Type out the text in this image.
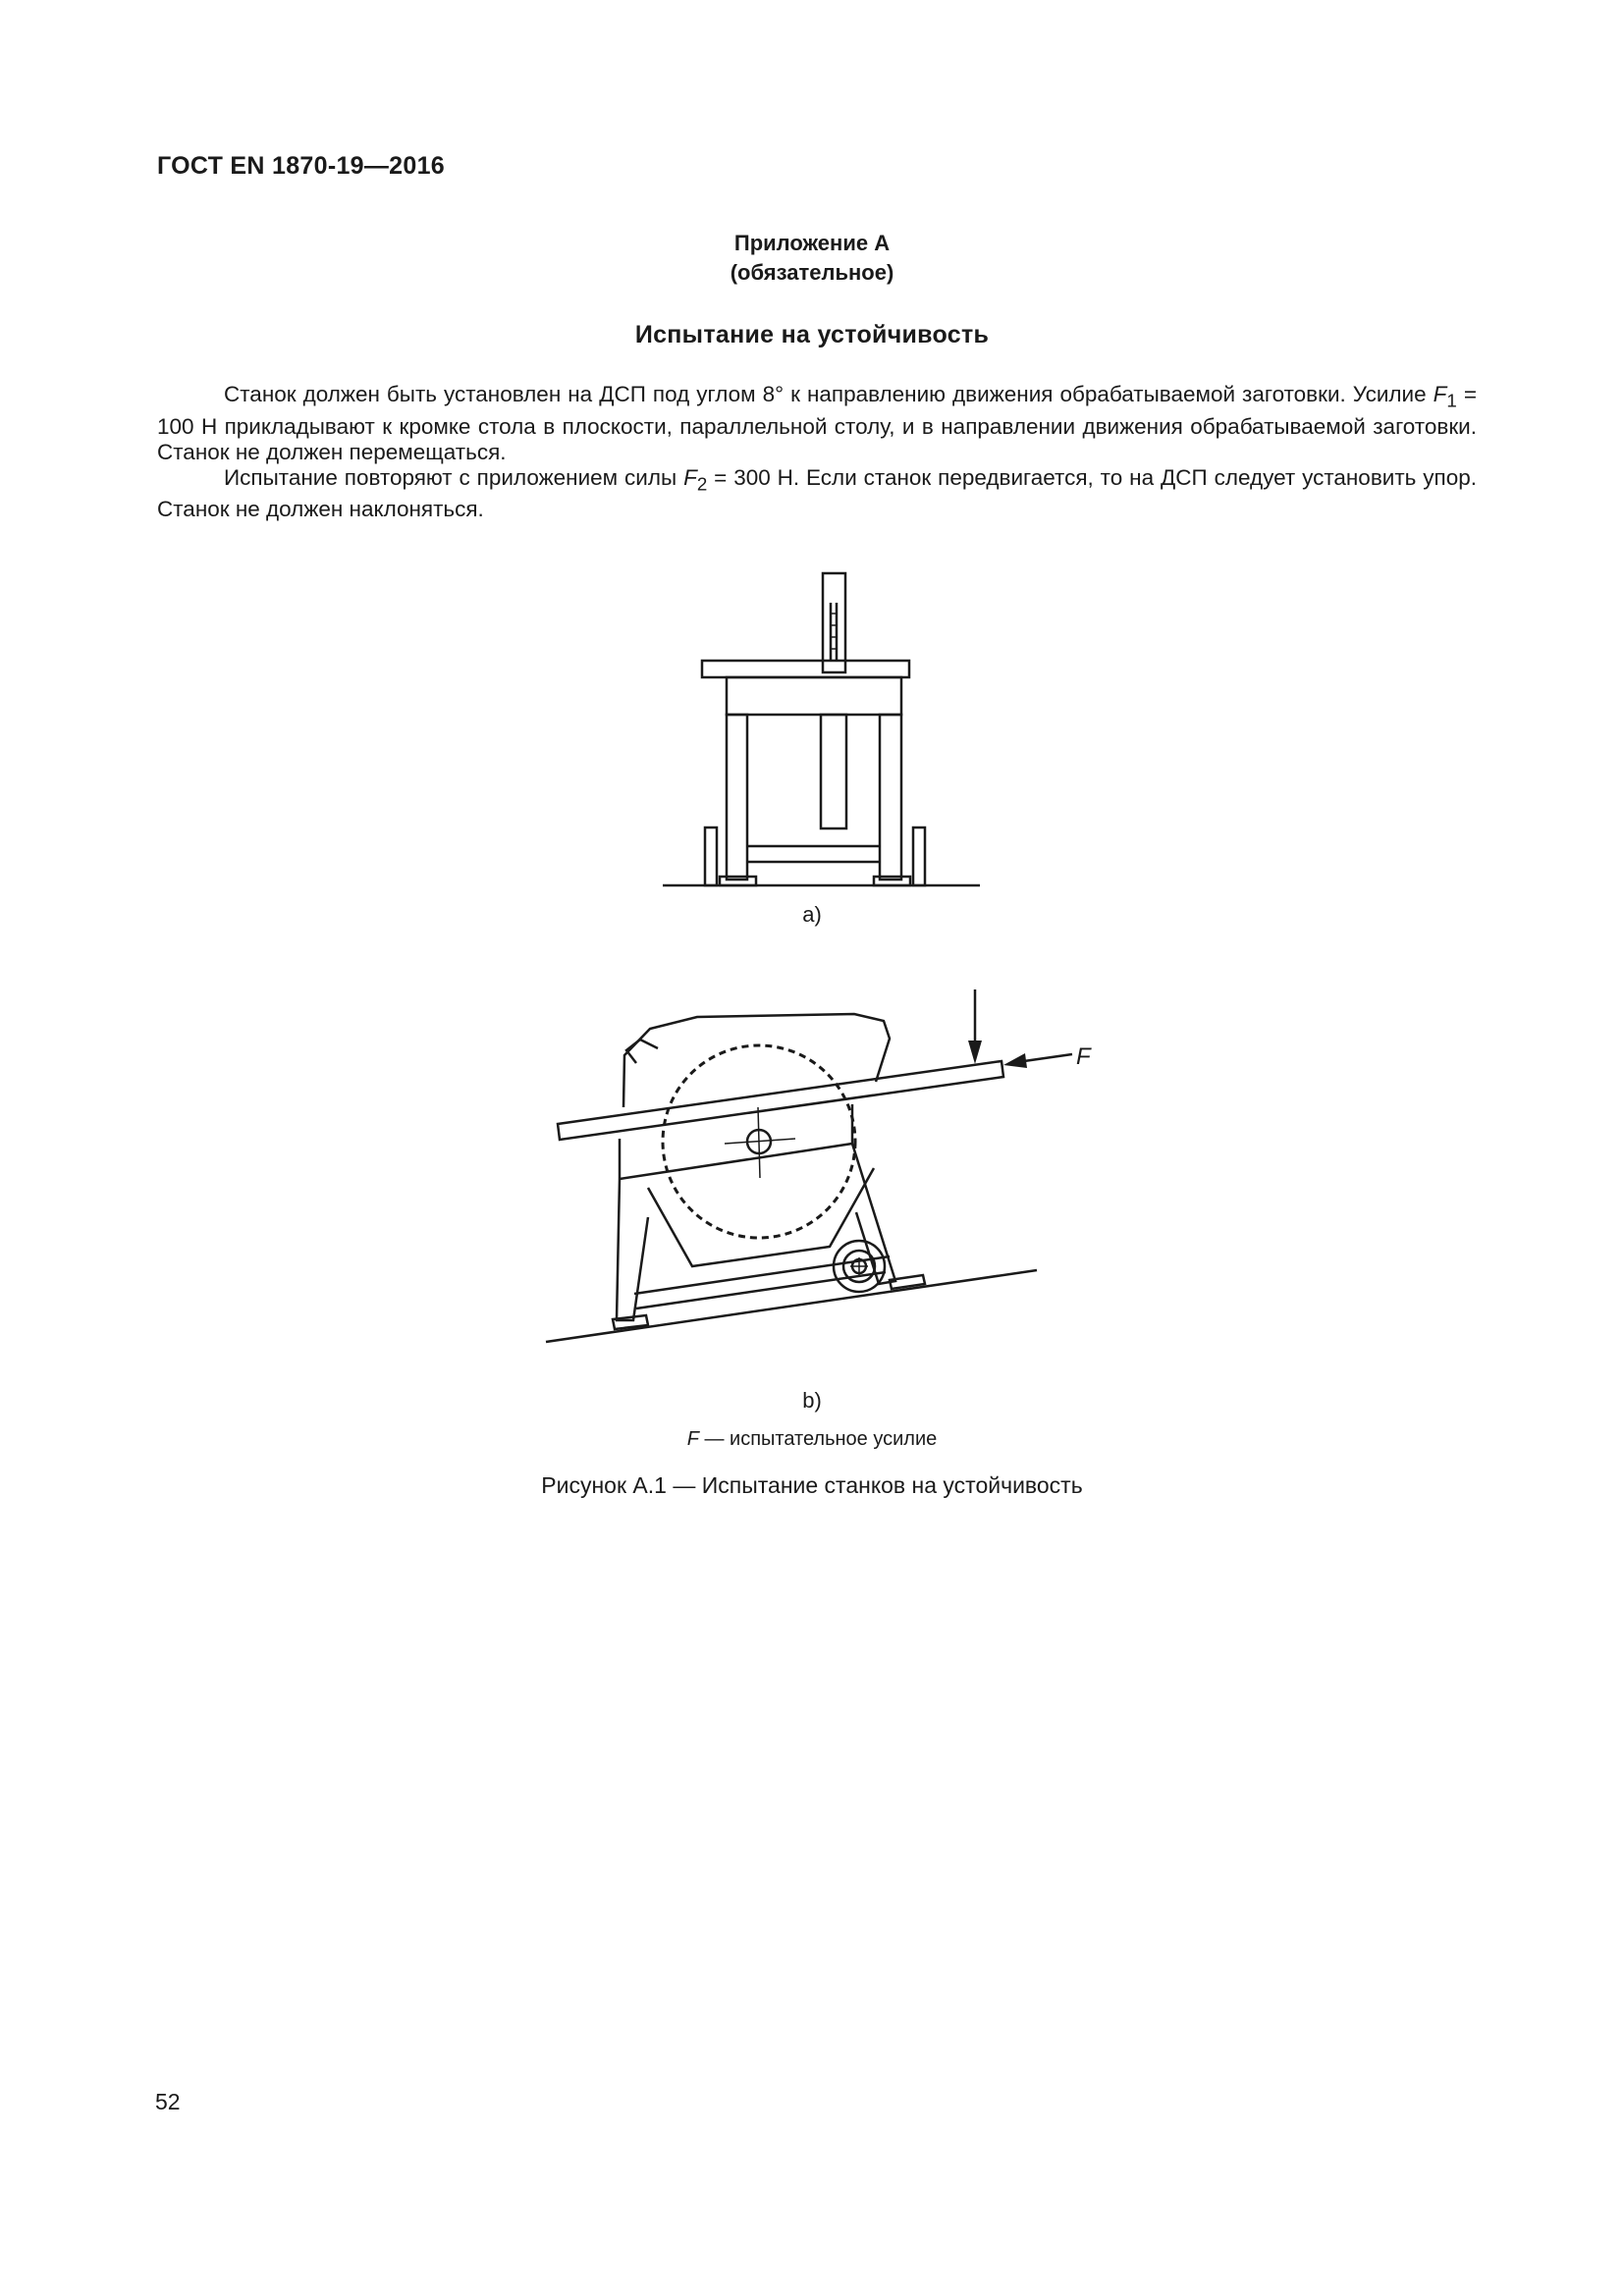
ГОСТ EN 1870-19—2016
Приложение А
(обязательное)
Испытание на устойчивость

Станок должен быть установлен на ДСП под углом 8° к направлению движения обрабатываемой заготовки. Усилие $F_1 = 100$ Н прикладывают к кромке стола в плоскости, параллельной столу, и в направлении движения обрабатываемой заготовки. Станок не должен перемещаться.

Испытание повторяют с приложением силы $F_2 = 300$ Н. Если станок передвигается, то на ДСП следует установить упор. Станок не должен наклоняться.

a)
F
b)
F — испытательное усилие
Рисунок А.1 — Испытание станков на устойчивость
52
